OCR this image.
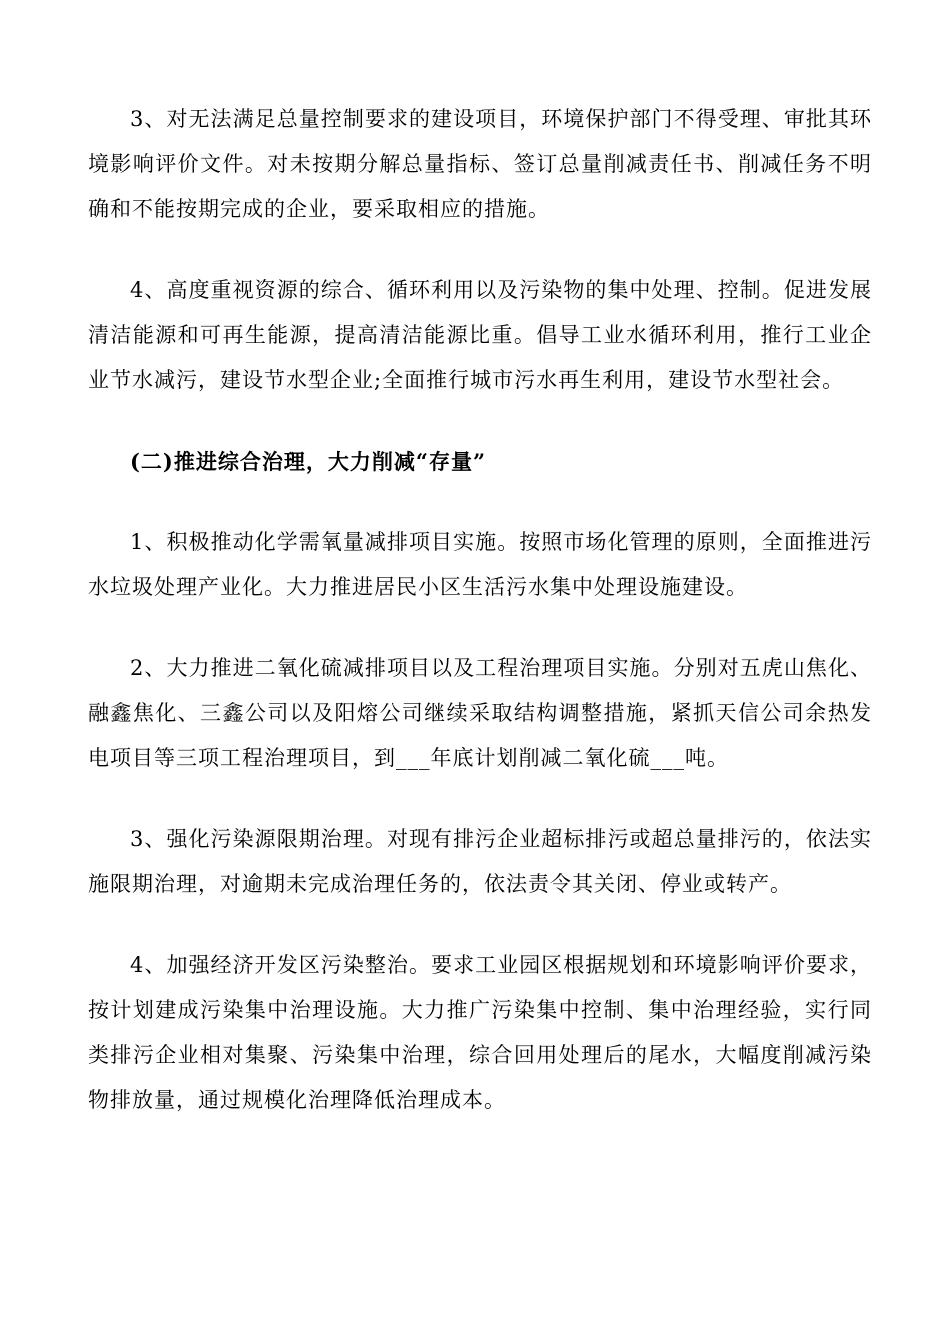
3、对无法满足总量控制要求的建设项目，环境保护部门不得受理、审批其环境影响评价文件。对未按期分解总量指标、签订总量削减责任书、削减任务不明确和不能按期完成的企业，要采取相应的措施。

4、高度重视资源的综合、循环利用以及污染物的集中处理、控制。促进发展清洁能源和可再生能源，提高清洁能源比重。倡导工业水循环利用，推行工业企业节水减污，建设节水型企业;全面推行城市污水再生利用，建设节水型社会。

(二)推进综合治理，大力削减“存量”

1、积极推动化学需氧量减排项目实施。按照市场化管理的原则，全面推进污水垃圾处理产业化。大力推进居民小区生活污水集中处理设施建设。

2、大力推进二氧化硫减排项目以及工程治理项目实施。分别对五虎山焦化、融鑫焦化、三鑫公司以及阳熔公司继续采取结构调整措施，紧抓天信公司余热发电项目等三项工程治理项目，到___年底计划削减二氧化硫___吨。

3、强化污染源限期治理。对现有排污企业超标排污或超总量排污的，依法实施限期治理，对逾期未完成治理任务的，依法责令其关闭、停业或转产。

4、加强经济开发区污染整治。要求工业园区根据规划和环境影响评价要求，按计划建成污染集中治理设施。大力推广污染集中控制、集中治理经验，实行同类排污企业相对集聚、污染集中治理，综合回用处理后的尾水，大幅度削减污染物排放量，通过规模化治理降低治理成本。
